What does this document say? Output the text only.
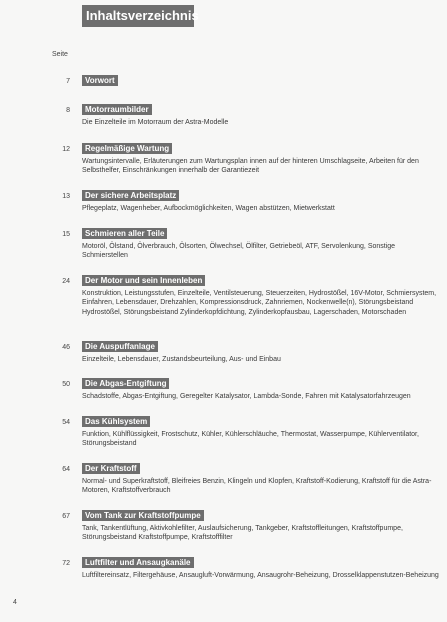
Inhaltsverzeichnis
Seite
7	Vorwort
8	Motorraumbilder
Die Einzelteile im Motorraum der Astra-Modelle
12	Regelmäßige Wartung
Wartungsintervalle, Erläuterungen zum Wartungsplan innen auf der hinteren Umschlagseite, Arbeiten für den Selbsthelfer, Einschränkungen innerhalb der Garantiezeit
13	Der sichere Arbeitsplatz
Pflegeplatz, Wagenheber, Aufbockmöglichkeiten, Wagen abstützen, Mietwerkstatt
15	Schmieren aller Teile
Motoröl, Ölstand, Ölverbrauch, Ölsorten, Ölwechsel, Ölfilter, Getriebeöl, ATF, Servolenkung, Sonstige Schmierstellen
24	Der Motor und sein Innenleben
Konstruktion, Leistungsstufen, Einzelteile, Ventilsteuerung, Steuerzeiten, Hydrostößel, 16V-Motor, Schmiersystem, Einfahren, Lebensdauer, Drehzahlen, Kompressionsdruck, Zahnriemen, Nockenwelle(n), Störungsbeistand Hydrostößel, Störungsbeistand Zylinderkopfdichtung, Zylinderkopfausbau, Lagerschaden, Motorschaden
46	Die Auspuffanlage
Einzelteile, Lebensdauer, Zustandsbeurteilung, Aus- und Einbau
50	Die Abgas-Entgiftung
Schadstoffe, Abgas-Entgiftung, Geregelter Katalysator, Lambda-Sonde, Fahren mit Katalysatorfahrzeugen
54	Das Kühlsystem
Funktion, Kühlflüssigkeit, Frostschutz, Kühler, Kühlerschläuche, Thermostat, Wasserpumpe, Kühlerventilator, Störungsbeistand
64	Der Kraftstoff
Normal- und Superkraftstoff, Bleifreies Benzin, Klingeln und Klopfen, Kraftstoff-Kodierung, Kraftstoff für die Astra-Motoren, Kraftstoffverbrauch
67	Vom Tank zur Kraftstoffpumpe
Tank, Tankentlüftung, Aktivkohlefilter, Auslaufsicherung, Tankgeber, Kraftstoffleitungen, Kraftstoffpumpe, Störungsbeistand Kraftstoffpumpe, Kraftstofffilter
72	Luftfilter und Ansaugkanäle
Luftfiltereinsatz, Filtergehäuse, Ansaugluft-Vorwärmung, Ansaugrohr-Beheizung, Drosselklappenstutzen-Beheizung
4
